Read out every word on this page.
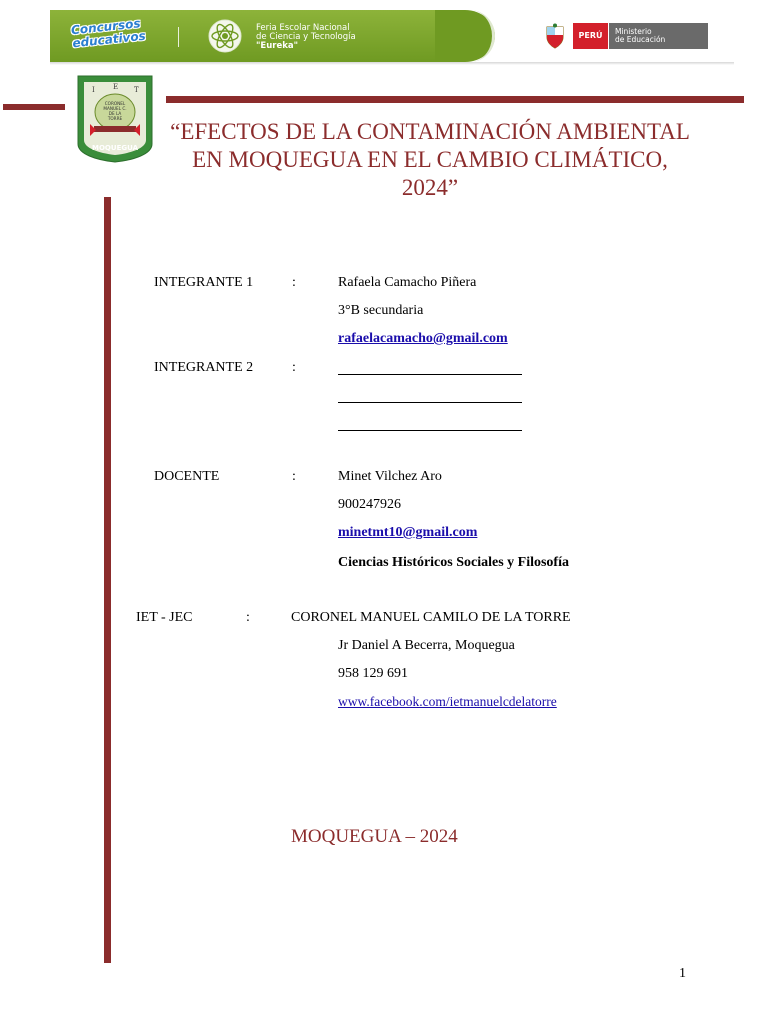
Concursos educativos
Feria Escolar Nacional
de Ciencia y Tecnología
"Eureka"
PERÚ	Ministerio
de Educación
I	E T
CORONEL
MANUEL C.
DE LA
TORRE
MOQUEGUA
“EFECTOS DE LA CONTAMINACIÓN AMBIENTAL EN MOQUEGUA EN EL CAMBIO CLIMÁTICO, 2024”
INTEGRANTE 1	:	Rafaela Camacho Piñera
3°B secundaria
rafaelacamacho@gmail.com
INTEGRANTE 2	:
DOCENTE	:	Minet Vilchez Aro
900247926
minetmt10@gmail.com
Ciencias Históricos Sociales y Filosofía
IET - JEC	:	CORONEL MANUEL CAMILO DE LA TORRE
Jr Daniel A Becerra, Moquegua
958 129 691
www.facebook.com/ietmanuelcdelatorre
MOQUEGUA – 2024
1
